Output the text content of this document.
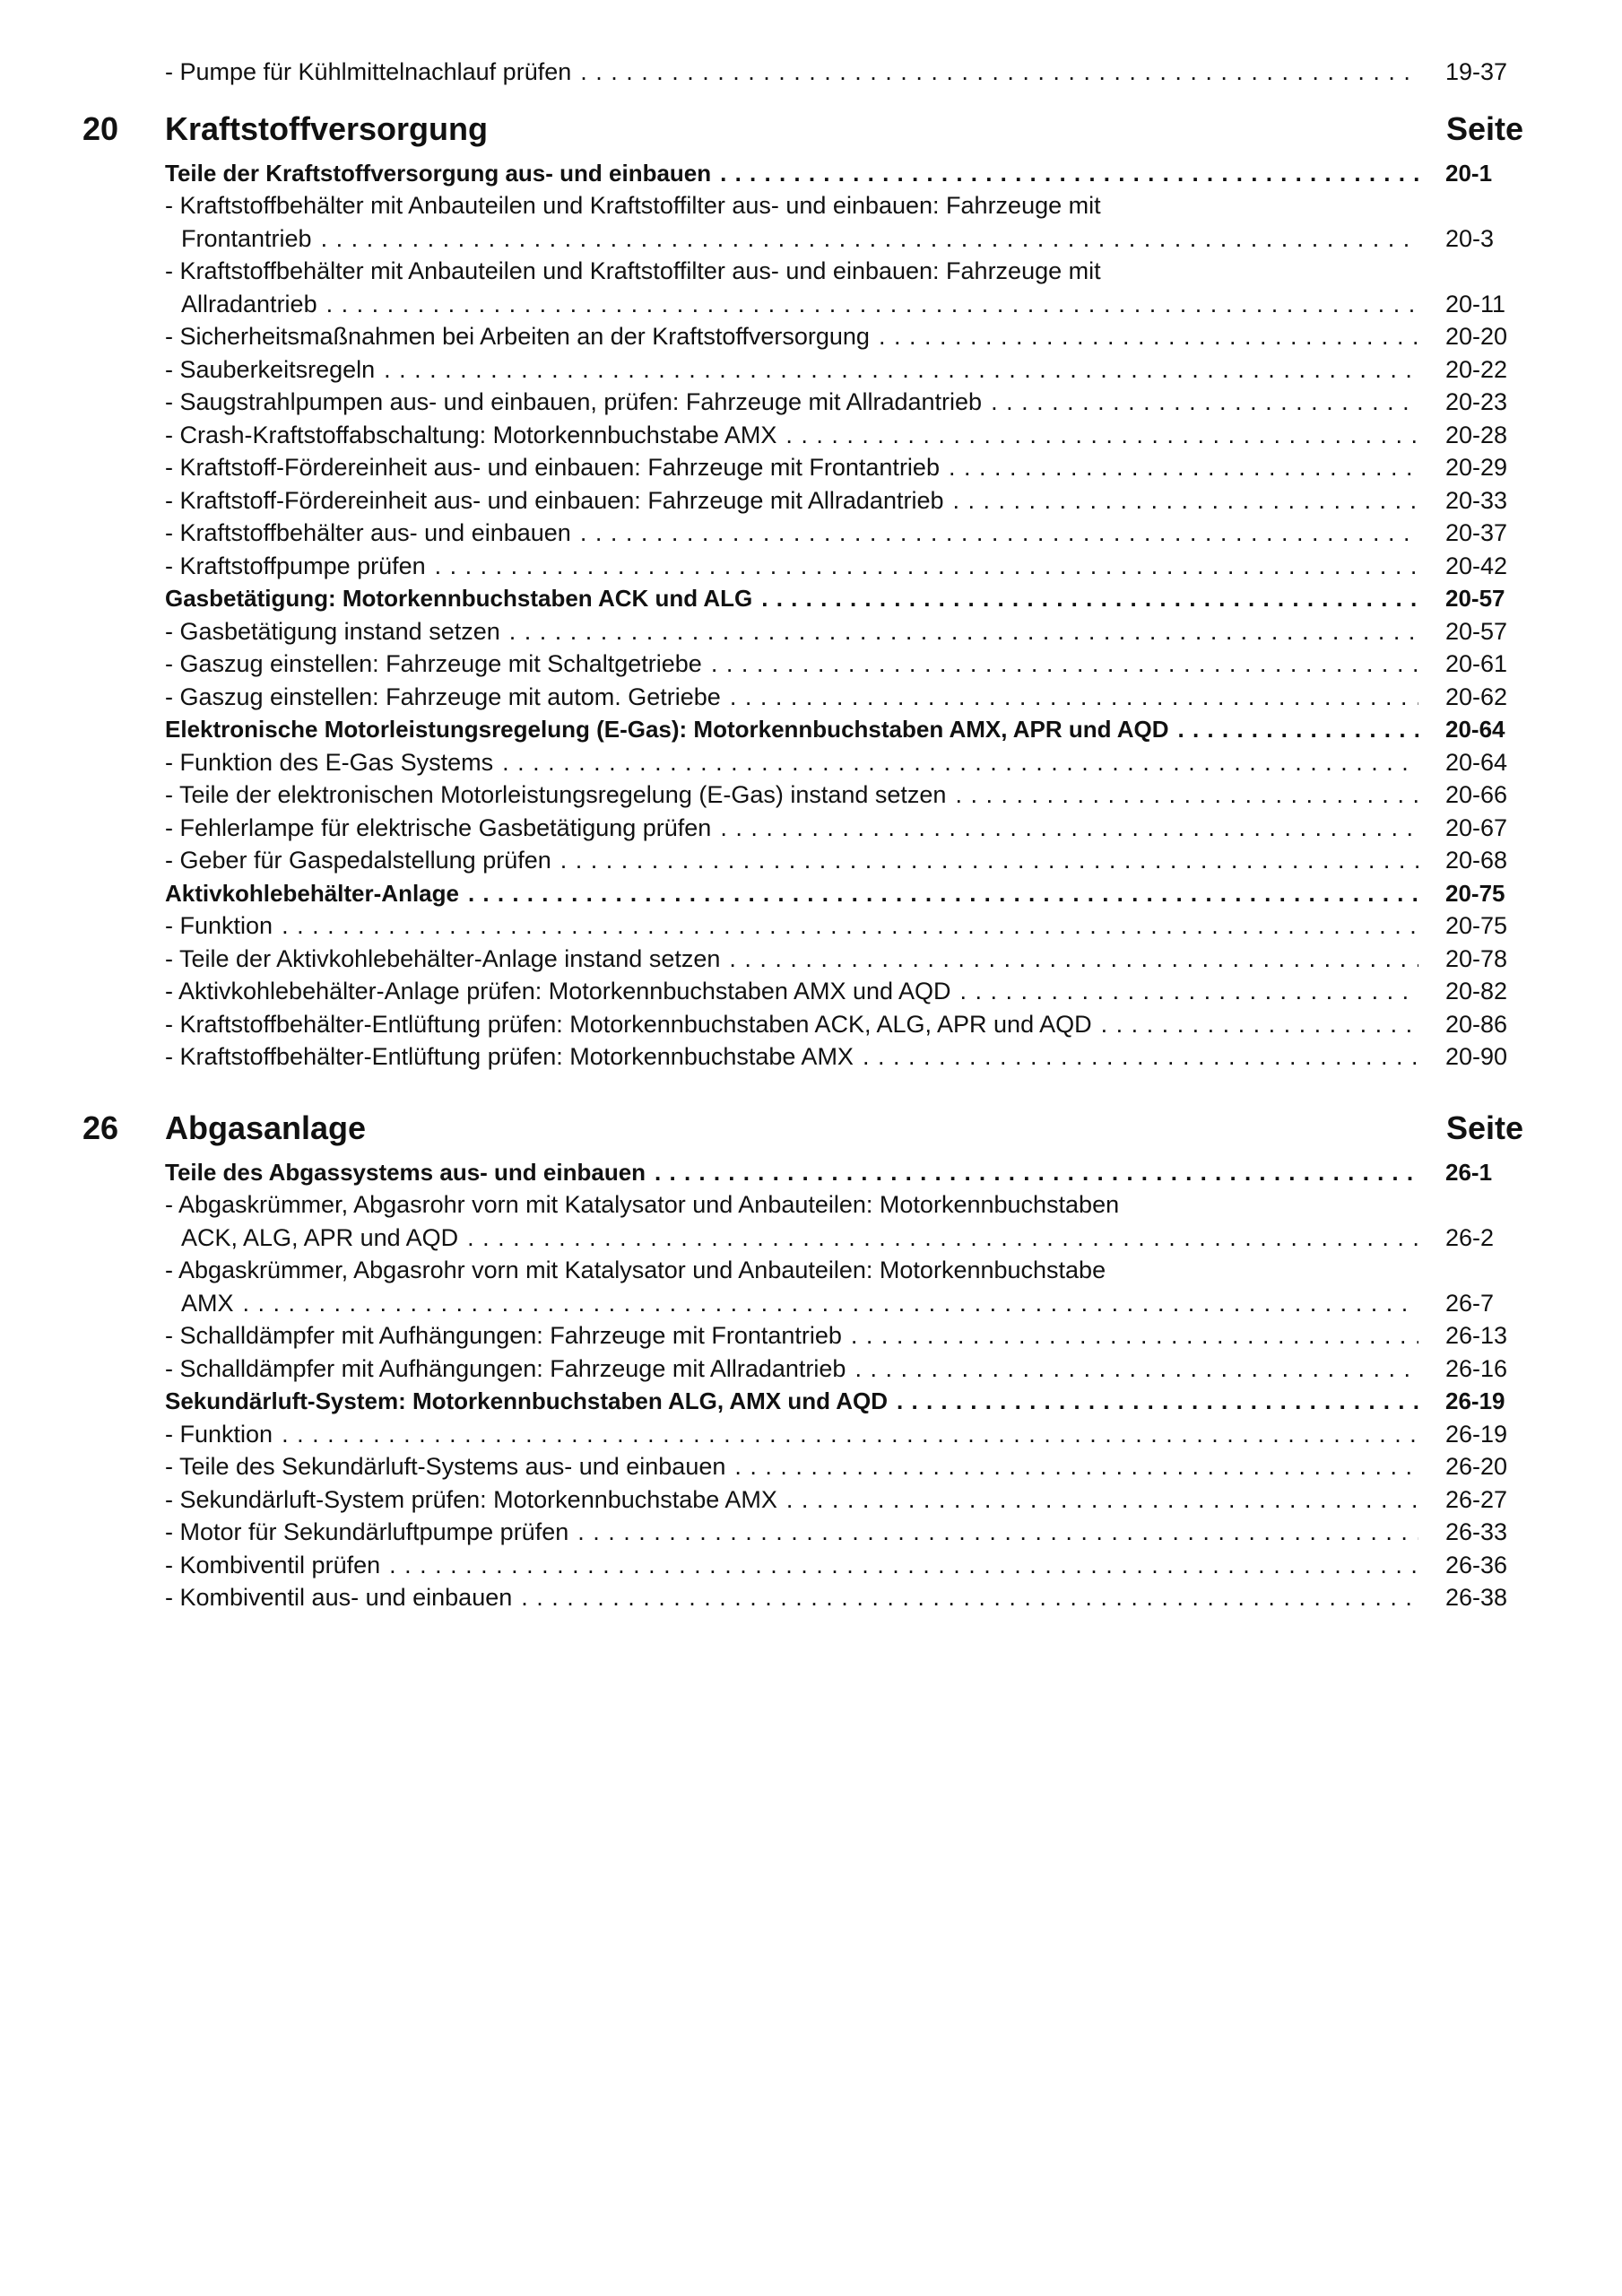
- Pumpe für Kühlmittelnachlauf prüfen . . .	19-37
20 Kraftstoffversorgung	Seite
Teile der Kraftstoffversorgung aus- und einbauen . . .	20-1
- Kraftstoffbehälter mit Anbauteilen und Kraftstoffilter aus- und einbauen: Fahrzeuge mit
Frontantrieb . . .	20-3
- Kraftstoffbehälter mit Anbauteilen und Kraftstoffilter aus- und einbauen: Fahrzeuge mit
Allradantrieb . . .	20-11
- Sicherheitsmaßnahmen bei Arbeiten an der Kraftstoffversorgung . . .	20-20
- Sauberkeitsregeln . . .	20-22
- Saugstrahlpumpen aus- und einbauen, prüfen: Fahrzeuge mit Allradantrieb . . .	20-23
- Crash-Kraftstoffabschaltung: Motorkennbuchstabe AMX . . .	20-28
- Kraftstoff-Fördereinheit aus- und einbauen: Fahrzeuge mit Frontantrieb . . .	20-29
- Kraftstoff-Fördereinheit aus- und einbauen: Fahrzeuge mit Allradantrieb . . .	20-33
- Kraftstoffbehälter aus- und einbauen . . .	20-37
- Kraftstoffpumpe prüfen . . .	20-42
Gasbetätigung: Motorkennbuchstaben ACK und ALG . . .	20-57
- Gasbetätigung instand setzen . . .	20-57
- Gaszug einstellen: Fahrzeuge mit Schaltgetriebe . . .	20-61
- Gaszug einstellen: Fahrzeuge mit autom. Getriebe . . .	20-62
Elektronische Motorleistungsregelung (E-Gas): Motorkennbuchstaben AMX, APR und AQD . . .	20-64
- Funktion des E-Gas Systems . . .	20-64
- Teile der elektronischen Motorleistungsregelung (E-Gas) instand setzen . . .	20-66
- Fehlerlampe für elektrische Gasbetätigung prüfen . . .	20-67
- Geber für Gaspedalstellung prüfen . . .	20-68
Aktivkohlebehälter-Anlage . . .	20-75
- Funktion . . .	20-75
- Teile der Aktivkohlebehälter-Anlage instand setzen . . .	20-78
- Aktivkohlebehälter-Anlage prüfen: Motorkennbuchstaben AMX und AQD . . .	20-82
- Kraftstoffbehälter-Entlüftung prüfen: Motorkennbuchstaben ACK, ALG, APR und AQD . . .	20-86
- Kraftstoffbehälter-Entlüftung prüfen: Motorkennbuchstabe AMX . . .	20-90
26 Abgasanlage	Seite
Teile des Abgassystems aus- und einbauen . . .	26-1
- Abgaskrümmer, Abgasrohr vorn mit Katalysator und Anbauteilen: Motorkennbuchstaben
ACK, ALG, APR und AQD . . .	26-2
- Abgaskrümmer, Abgasrohr vorn mit Katalysator und Anbauteilen: Motorkennbuchstabe
AMX . . .	26-7
- Schalldämpfer mit Aufhängungen: Fahrzeuge mit Frontantrieb . . .	26-13
- Schalldämpfer mit Aufhängungen: Fahrzeuge mit Allradantrieb . . .	26-16
Sekundärluft-System: Motorkennbuchstaben ALG, AMX und AQD . . .	26-19
- Funktion . . .	26-19
- Teile des Sekundärluft-Systems aus- und einbauen . . .	26-20
- Sekundärluft-System prüfen: Motorkennbuchstabe AMX . . .	26-27
- Motor für Sekundärluftpumpe prüfen . . .	26-33
- Kombiventil prüfen . . .	26-36
- Kombiventil aus- und einbauen . . .	26-38
